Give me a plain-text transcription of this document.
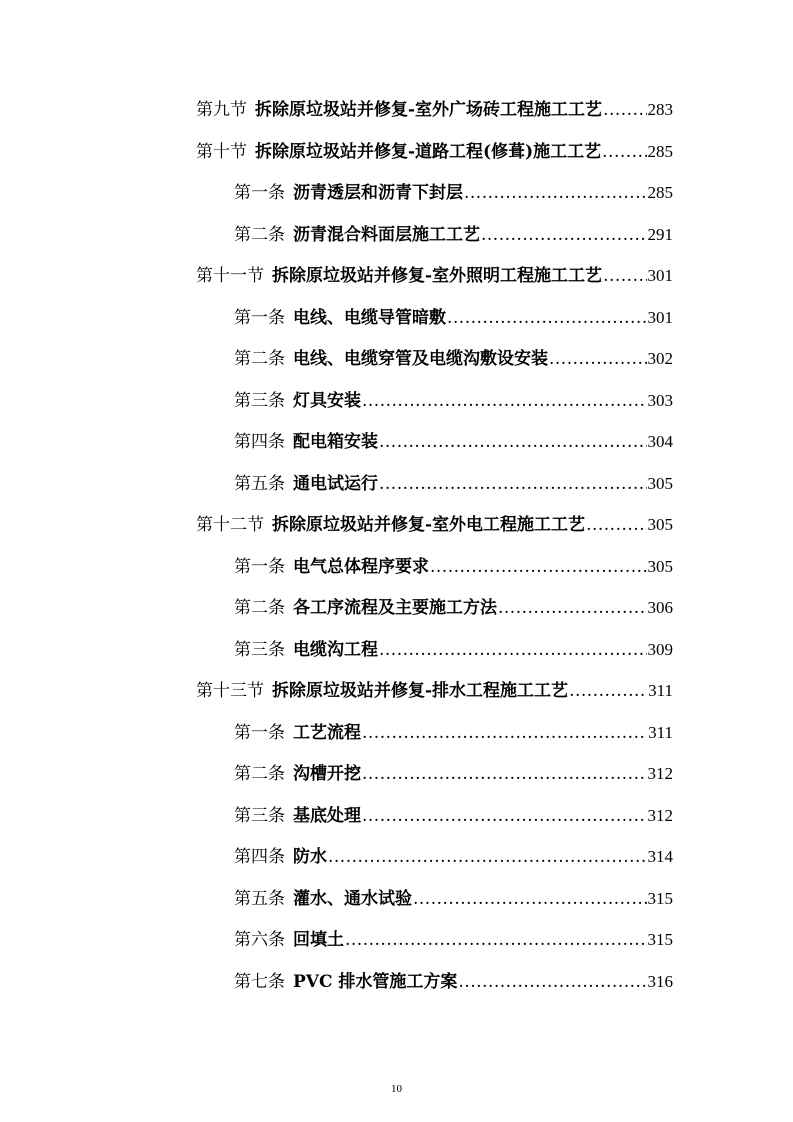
第九节 拆除原垃圾站并修复-室外广场砖工程施工工艺 .....	283
第十节 拆除原垃圾站并修复-道路工程(修葺)施工工艺 .....	285
第一条 沥青透层和沥青下封层 .....	285
第二条 沥青混合料面层施工工艺 .....	291
第十一节 拆除原垃圾站并修复-室外照明工程施工工艺 .....	301
第一条 电线、电缆导管暗敷 .....	301
第二条 电线、电缆穿管及电缆沟敷设安装 .....	302
第三条 灯具安装 .....	303
第四条 配电箱安装 .....	304
第五条 通电试运行 .....	305
第十二节 拆除原垃圾站并修复-室外电工程施工工艺 .....	305
第一条 电气总体程序要求 .....	305
第二条 各工序流程及主要施工方法 .....	306
第三条 电缆沟工程 .....	309
第十三节 拆除原垃圾站并修复-排水工程施工工艺 .....	311
第一条 工艺流程 .....	311
第二条 沟槽开挖 .....	312
第三条 基底处理 .....	312
第四条 防水 .....	314
第五条 灌水、通水试验 .....	315
第六条 回填土 .....	315
第七条 PVC 排水管施工方案 .....	316
10
